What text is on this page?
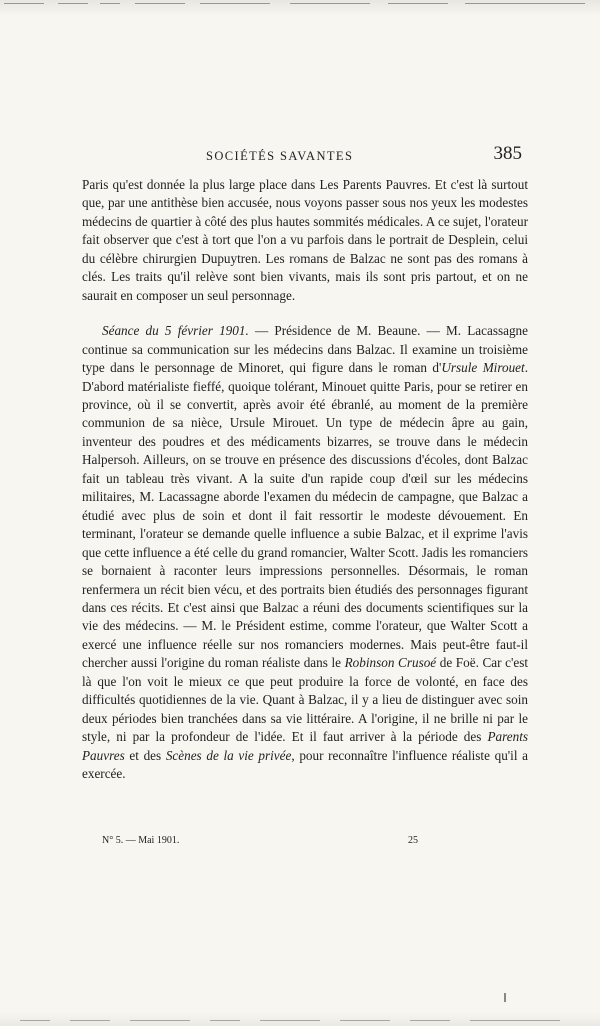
SOCIÉTÉS SAVANTES	385

Paris qu'est donnée la plus large place dans Les Parents Pauvres. Et c'est là surtout que, par une antithèse bien accusée, nous voyons passer sous nos yeux les modestes médecins de quartier à côté des plus hautes sommités médicales. A ce sujet, l'orateur fait observer que c'est à tort que l'on a vu parfois dans le portrait de Desplein, celui du célèbre chirurgien Dupuytren. Les romans de Balzac ne sont pas des romans à clés. Les traits qu'il relève sont bien vivants, mais ils sont pris partout, et on ne saurait en composer un seul personnage.

Séance du 5 février 1901. — Présidence de M. Beaune. — M. Lacassagne continue sa communication sur les médecins dans Balzac. Il examine un troisième type dans le personnage de Minoret, qui figure dans le roman d'Ursule Mirouet. D'abord matérialiste fieffé, quoique tolérant, Minouet quitte Paris, pour se retirer en province, où il se convertit, après avoir été ébranlé, au moment de la première communion de sa nièce, Ursule Mirouet. Un type de médecin âpre au gain, inventeur des poudres et des médicaments bizarres, se trouve dans le médecin Halpersoh. Ailleurs, on se trouve en présence des discussions d'écoles, dont Balzac fait un tableau très vivant. A la suite d'un rapide coup d'œil sur les médecins militaires, M. Lacassagne aborde l'examen du médecin de campagne, que Balzac a étudié avec plus de soin et dont il fait ressortir le modeste dévouement. En terminant, l'orateur se demande quelle influence a subie Balzac, et il exprime l'avis que cette influence a été celle du grand romancier, Walter Scott. Jadis les romanciers se bornaient à raconter leurs impressions personnelles. Désormais, le roman renfermera un récit bien vécu, et des portraits bien étudiés des personnages figurant dans ces récits. Et c'est ainsi que Balzac a réuni des documents scientifiques sur la vie des médecins. — M. le Président estime, comme l'orateur, que Walter Scott a exercé une influence réelle sur nos romanciers modernes. Mais peut-être faut-il chercher aussi l'origine du roman réaliste dans le Robinson Crusoé de Foë. Car c'est là que l'on voit le mieux ce que peut produire la force de volonté, en face des difficultés quotidiennes de la vie. Quant à Balzac, il y a lieu de distinguer avec soin deux périodes bien tranchées dans sa vie littéraire. A l'origine, il ne brille ni par le style, ni par la profondeur de l'idée. Et il faut arriver à la période des Parents Pauvres et des Scènes de la vie privée, pour reconnaître l'influence réaliste qu'il a exercée.

N° 5. — Mai 1901.	25
